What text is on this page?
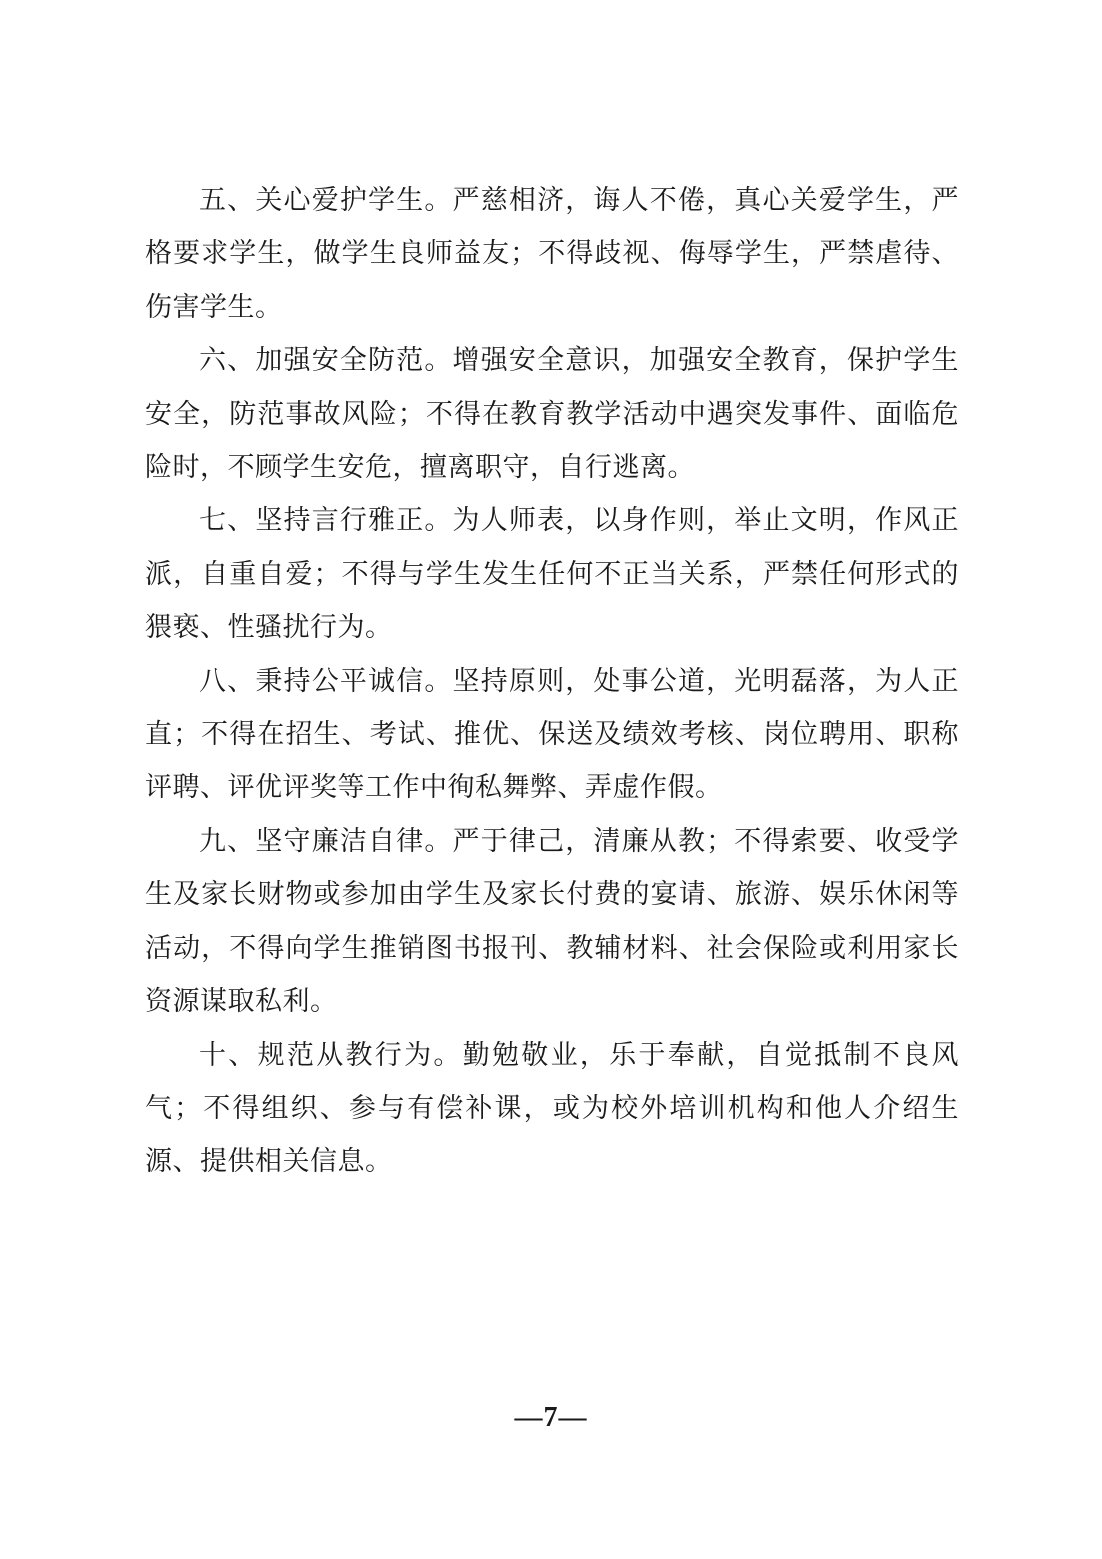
五、关心爱护学生。严慈相济，诲人不倦，真心关爱学生，严格要求学生，做学生良师益友；不得歧视、侮辱学生，严禁虐待、伤害学生。

六、加强安全防范。增强安全意识，加强安全教育，保护学生安全，防范事故风险；不得在教育教学活动中遇突发事件、面临危险时，不顾学生安危，擅离职守，自行逃离。

七、坚持言行雅正。为人师表，以身作则，举止文明，作风正派，自重自爱；不得与学生发生任何不正当关系，严禁任何形式的猥亵、性骚扰行为。

八、秉持公平诚信。坚持原则，处事公道，光明磊落，为人正直；不得在招生、考试、推优、保送及绩效考核、岗位聘用、职称评聘、评优评奖等工作中徇私舞弊、弄虚作假。

九、坚守廉洁自律。严于律己，清廉从教；不得索要、收受学生及家长财物或参加由学生及家长付费的宴请、旅游、娱乐休闲等活动，不得向学生推销图书报刊、教辅材料、社会保险或利用家长资源谋取私利。

十、规范从教行为。勤勉敬业，乐于奉献，自觉抵制不良风气；不得组织、参与有偿补课，或为校外培训机构和他人介绍生源、提供相关信息。

—7—
